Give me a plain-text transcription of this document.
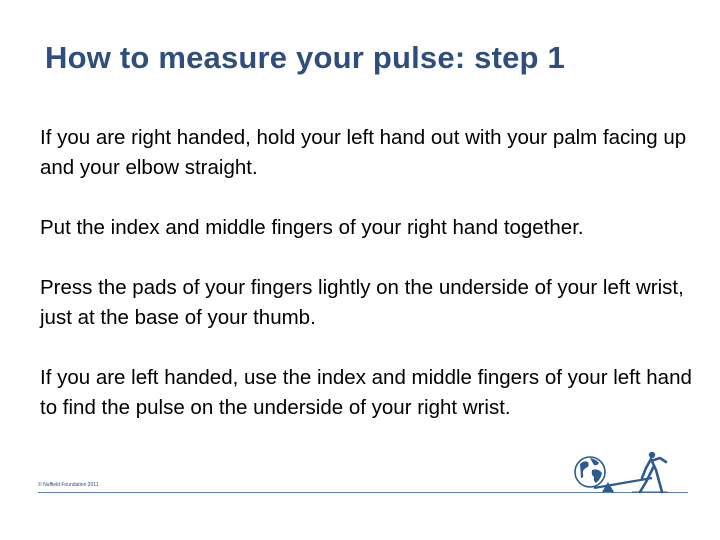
How to measure your pulse: step 1

If you are right handed, hold your left hand out with your palm facing up and your elbow straight.

Put the index and middle fingers of your right hand together.

Press the pads of your fingers lightly on the underside of your left wrist, just at the base of your thumb.

If you are left handed, use the index and middle fingers of your left hand to find the pulse on the underside of your right wrist.

© Nuffield Foundation 2011
